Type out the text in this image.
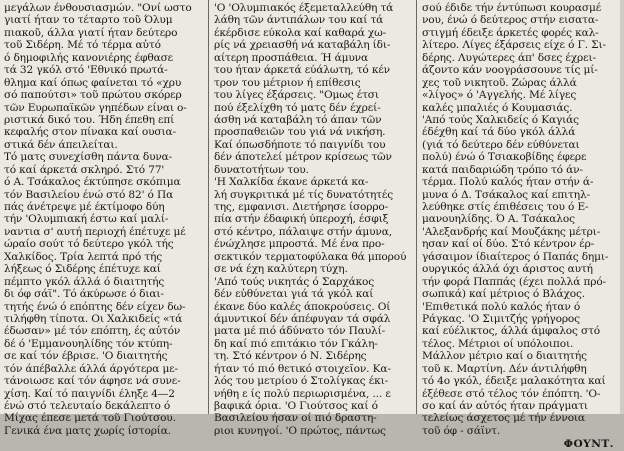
μεγάλων ένθουσιασμών. "Ονί ωστο
γιατί ήταν το τέταρτο τοῦ Όλυμ
πιακοῦ, άλλα γιατί ήταν δεύτερο
τοῦ Σιδέρη. Μέ τό τέρμα αὐτό
ό δημοφιλής κανονιέρης έφθασε
τά 32 γκόλ στό 'Εθνικό πρωτά-
θλημα καί όπως φαίνεται τό «χρυ
σό παπούτσι» τοῦ πρώτου σκόρερ
τῶν Ευρωπαϊκῶν γηπέδων είναι ο-
ριστικά δικό του. Ήδη έπεθη επί
κεφαλής στον πίνακα καί ουσια-
στικά δέν άπειλείται.
Τό ματς συνεχίσθη πάντα δυνα-
τό καί άρκετά σκληρό. Στό 77'
ό Α. Τσάκαλος έκτύπησε σκόπιμα
τόν Βασιλείου ένώ στό 82' ό Πα
πάς άνέτρεψε μέ έκτίμοφο δύη
τήν 'Ολυμπιακή έστω καί μαλί-
ναντια σ' αυτή περιοχή έπέτυχε μέ
ώραίο σούτ τό δεύτερο γκόλ τής
Χαλκίδος. Τρία λεπτά πρό τής
λήξεως ό Σιδέρης έπέτυχε καί
πέμπτο γκόλ άλλά ό διαιτητής
δι όφ σάϊ". Τό άκύρωσε ό διαι-
τητής ένώ ό επόπτης δέν είχεν δω-
τιλήφθη τίποτα. Οι Χαλκιδείς «τά
έδωσαν» μέ τόν επόπτη, ές αὐτόν
δέ ό 'Εμμανουηλίδης τόν κτύπη-
σε καί τόν έβρισε. 'Ο διαιτητής
τόν άπέβαλλε άλλά άργότερα με-
τάνοιωσε καί τόν άφησε νά συνε-
χίση. Καί τό παιγνίδι έληξε 4—2
ένώ στό τελευταίο δεκάλεπτο ό
Μίχας έπεσε μετά τοῦ Γιούτσου.
Γενικά ένα ματς χωρίς ίστορία.
'Ο 'Ολυμπιακός έξεμεταλλεύθη τά
λάθη τῶν άντιπάλων του καί τά
έκέρδισε εύκολα καί καθαρά χω-
ρίς νά χρειασθή νά καταβάλη ίδι-
αίτερη προσπάθεια. Ή άμυνα
του ήταν άρκετά εύάλωτη, τό κέν
τρον του μέτριον ή επίθεσις
του λίγες έξάρσεις. "Ομως έτσι
πού έξελίχθη τό ματς δέν έχρεί-
άσθη νά καταβάλη τό άπαν τῶν
προσπαθειῶν του γιά νά νικήση.
Καί όπωσδήποτε τό παιγνίδι του
δέν άποτελεί μέτρον κρίσεως τῶν
δυνατοτήτων του.
'Η Χαλκίδα έκανε άρκετά κα-
λή συγκριτικά μέ τίς δυνατότητές
της, εμφανισι. Διετήρησε ίσορρο-
πία στήν έδαφική ύπεροχή, έσφιξ
στό κέντρο, πάλαιψε στήν άμυνα,
ένώχλησε μπροστά. Μέ ένα προ-
σεκτικόν τερματοφύλακα θά μπορού
σε νά έχη καλύτερη τύχη.
'Από τούς νικητάς ό Σαρχάκος
δέν εὐθύνεται γιά τά γκόλ καί
έκανε δύο καλές άποκρούσεις. Οί
άμυντικοί δέν άπέφυγαν τά σφάλ
ματα μέ πιό άδύνατο τόν Παυλί-
δη καί πιό επιτάκιο τόν Γκάλη-
τη. Στό κέντρον ό Ν. Σιδέρης
ήταν τό πιό θετικό στοιχεῖον. Κα-
λός του μετρίου ό Στολίγκας έκι-
νήθη ε ίς πολύ περιωρισμένα, ... ε
βαφικά όρια. 'Ο Γιούτσος καί ό
Βασιλείου ήσαν οί πιό δραστη-
ριοι κυνηγοί. 'Ο πρώτος, πάντως
σού έδιδε τήν έντύπωσι κουρασμέ
νου, ένώ ό δεύτερος στήν εισατα-
στιγμή έδειξε άρκετές φορές καλ-
λίτερο. Λίγες έξάρσεις είχε ό Γ. Σι-
δέρης. Λυγώτερες άπ' δσες έχρει-
άζοντο κάν νοογράσσουνε τίς μί-
χες τοῦ νικητοῦ. Ζώρας άλλά
«λίγος» ό 'Αγγελής. Μέ λίγες
καλές μπαλιές ό Κουμασιάς.
'Από τούς Χαλκιδείς ό Καγιάς
έδέχθη καί τά δύο γκόλ άλλά
(γιά τό δεύτερο δέν εύθύνεται
πολύ) ένώ ό Τσιακοβίδης έφερε
κατά παιδαριώδη τρόπο τό άν-
τέρμα. Πολύ καλός ήταν στήν ά-
μυνα ό Δ. Τσάκαλος καί επιτηλ-
λεύθηκε στίς έπιθέσεις του ό Ε-
μανουηλίδης. Ό Α. Τσάκαλος
'Αλεξανδρής καί Μουζάκης μέτρι-
ησαν καί οί δύο. Στό κέντρον έρ-
γάσαιμον ίδιαίτερος ό Παπάς δημι-
ουργικός άλλά όχι άριστος αυτή
τήν φορά Παππάς (έχει πολλά πρό-
σωπικά) καί μέτριος ό Βλάχος.
'Επιθετικά πολύ καλός ήταν ό
Ράγκας. 'Ο Σιμιτζής γρήγορος
καί εύέλικτος, άλλά άμφαλος στό
τέλος. Μέτριοι οί υπόλοιποι.
Μάλλον μέτριο καί ο διαιτητής
τοῦ κ. Μαρτίνη. Δέν άντιλήφθη
τό 4ο γκόλ, έδειξε μαλακότητα καί
έξέθεσε στό τέλος τόν έπόπτη. 'Ο-
σο καί άν αὐτός ήταν πράγματι
τελείως άσχετος μέ τήν έννοια
τοῦ όφ - σάϊντ.
ΦΟΥΝΤ.
